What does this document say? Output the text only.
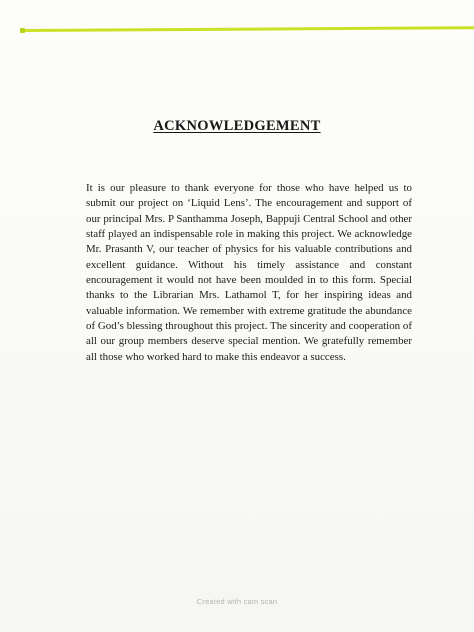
ACKNOWLEDGEMENT

It is our pleasure to thank everyone for those who have helped us to submit our project on ‘Liquid Lens’. The encouragement and support of our principal Mrs. P Santhamma Joseph, Bappuji Central School and other staff played an indispensable role in making this project. We acknowledge Mr. Prasanth V, our teacher of physics for his valuable contributions and excellent guidance. Without his timely assistance and constant encouragement it would not have been moulded in to this form. Special thanks to the Librarian Mrs. Lathamol T, for her inspiring ideas and valuable information. We remember with extreme gratitude the abundance of God’s blessing throughout this project. The sincerity and cooperation of all our group members deserve special mention. We gratefully remember all those who worked hard to make this endeavor a success.

Created with cam scan
